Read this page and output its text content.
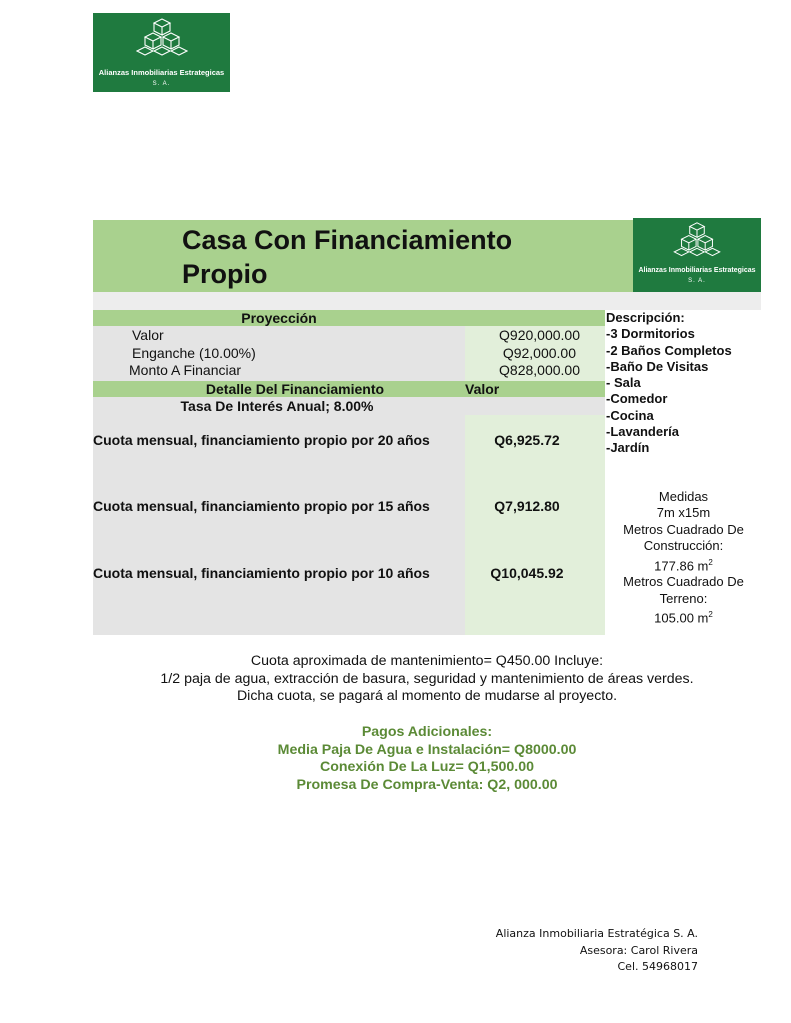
Alianzas Inmobiliarias Estrategicas
S. A.
Casa Con Financiamiento
Propio	Alianzas Inmobiliarias Estrategicas
S. A.
Proyección
Valor	Q920,000.00
Enganche (10.00%)	Q92,000.00
Monto A Financiar	Q828,000.00
Detalle Del Financiamiento	Valor
Tasa De Interés Anual; 8.00%
Cuota mensual, financiamiento propio por 20 años	Q6,925.72
Cuota mensual, financiamiento propio por 15 años	Q7,912.80
Cuota mensual, financiamiento propio por 10 años	Q10,045.92
Descripción:
-3 Dormitorios
-2 Baños Completos
-Baño De Visitas
- Sala
-Comedor
-Cocina
-Lavandería
-Jardín
Medidas
7m x15m
Metros Cuadrado De
Construcción:
177.86 $m^2$
Metros Cuadrado De
Terreno:
105.00 $m^2$
Cuota aproximada de mantenimiento= Q450.00 Incluye:
1/2 paja de agua, extracción de basura, seguridad y mantenimiento de áreas verdes.
Dicha cuota, se pagará al momento de mudarse al proyecto.
Pagos Adicionales:
Media Paja De Agua e Instalación= Q8000.00
Conexión De La Luz= Q1,500.00
Promesa De Compra-Venta: Q2, 000.00
Alianza Inmobiliaria Estratégica S. A.
Asesora: Carol Rivera
Cel. 54968017
